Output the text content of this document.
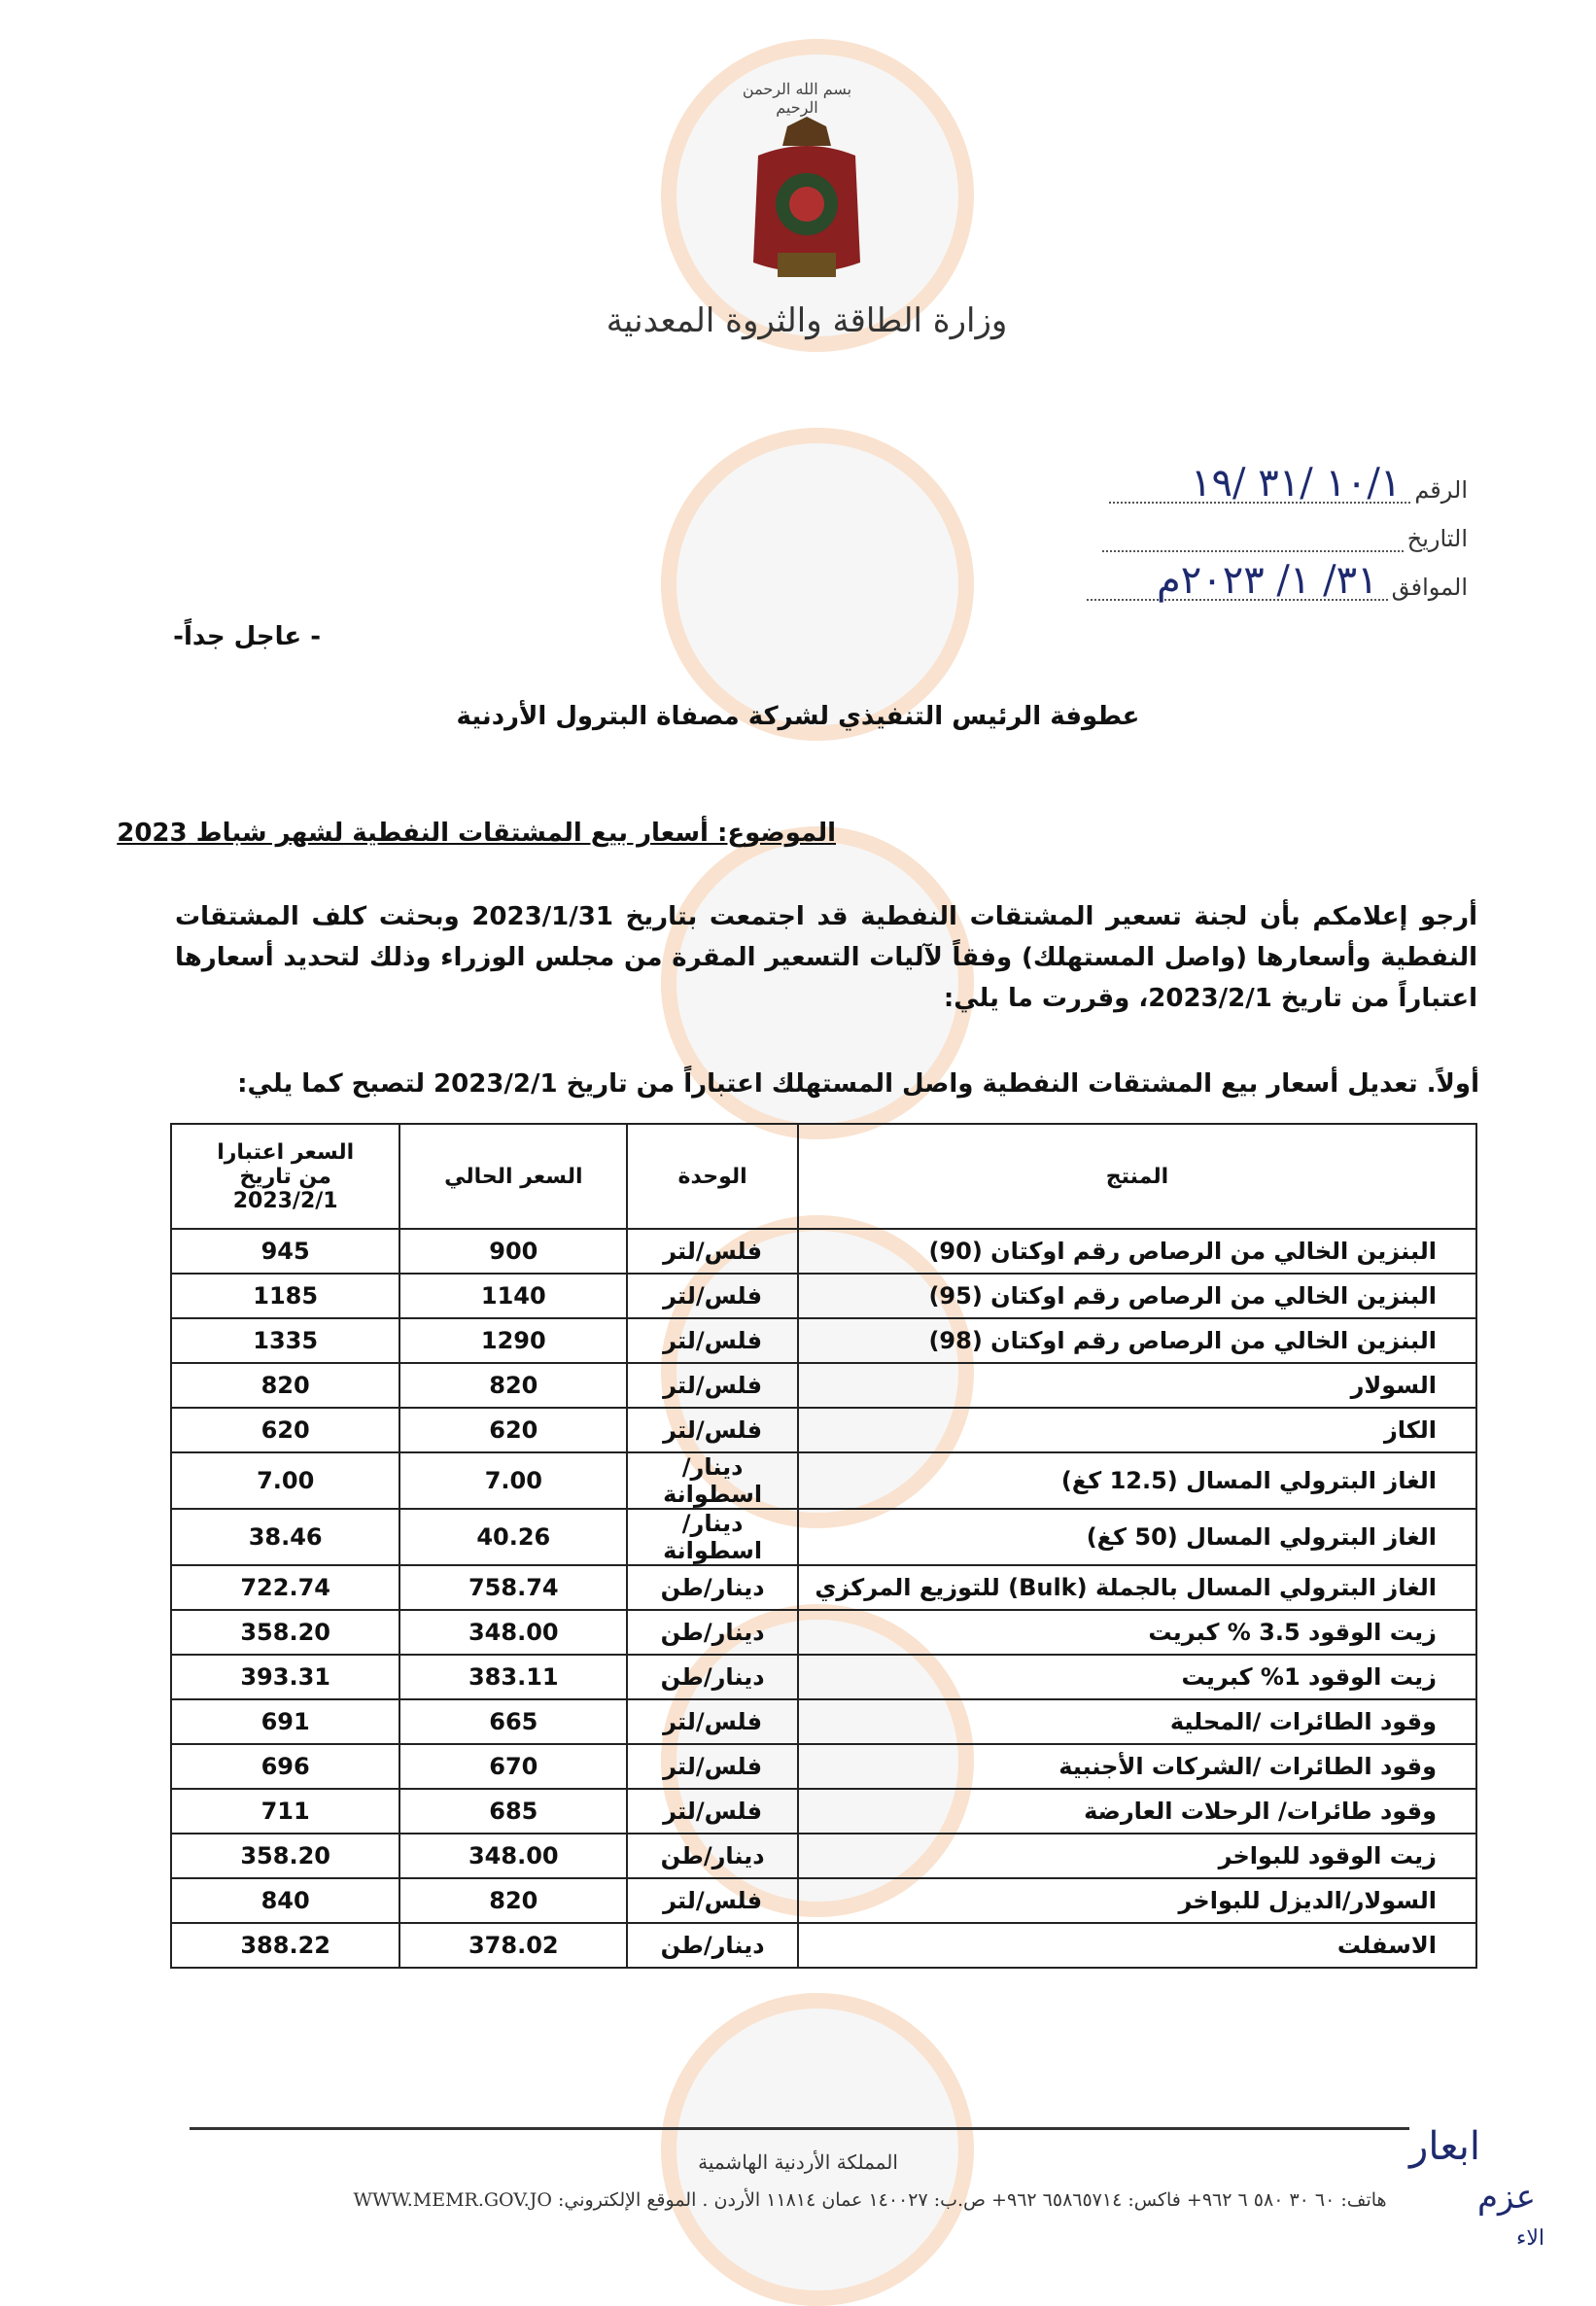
بسم الله الرحمن الرحيم
وزارة الطاقة والثروة المعدنية
الرقم
١٠/١ /٣١ /١٩
التاريخ
الموافق
٣١/ ١/ ٢٠٢٣م
- عاجل جداً-
عطوفة الرئيس التنفيذي لشركة مصفاة البترول الأردنية
الموضوع: أسعار بيع المشتقات النفطية لشهر شباط 2023
أرجو إعلامكم بأن لجنة تسعير المشتقات النفطية قد اجتمعت بتاريخ 2023/1/31 وبحثت كلف المشتقات النفطية وأسعارها (واصل المستهلك) وفقاً لآليات التسعير المقرة من مجلس الوزراء وذلك لتحديد أسعارها اعتباراً من تاريخ 2023/2/1، وقررت ما يلي:
أولاً. تعديل أسعار بيع المشتقات النفطية واصل المستهلك اعتباراً من تاريخ 2023/2/1 لتصبح كما يلي:
المنتج	الوحدة	السعر الحالي	السعر اعتبارا من تاريخ 2023/2/1
البنزين الخالي من الرصاص رقم اوكتان (90)	فلس/لتر	900	945
البنزين الخالي من الرصاص رقم اوكتان (95)	فلس/لتر	1140	1185
البنزين الخالي من الرصاص رقم اوكتان (98)	فلس/لتر	1290	1335
السولار	فلس/لتر	820	820
الكاز	فلس/لتر	620	620
الغاز البترولي المسال (12.5 كغ)	دينار/اسطوانة	7.00	7.00
الغاز البترولي المسال (50 كغ)	دينار/اسطوانة	40.26	38.46
الغاز البترولي المسال بالجملة (Bulk) للتوزيع المركزي	دينار/طن	758.74	722.74
زيت الوقود 3.5 % كبريت	دينار/طن	348.00	358.20
زيت الوقود 1% كبريت	دينار/طن	383.11	393.31
وقود الطائرات /المحلية	فلس/لتر	665	691
وقود الطائرات /الشركات الأجنبية	فلس/لتر	670	696
وقود طائرات/ الرحلات العارضة	فلس/لتر	685	711
زيت الوقود للبواخر	دينار/طن	348.00	358.20
السولار/الديزل للبواخر	فلس/لتر	820	840
الاسفلت	دينار/طن	378.02	388.22
المملكة الأردنية الهاشمية
هاتف: ٦٠ ٣٠ ٥٨٠ ٦ ٩٦٢+ فاكس: ٦٥٨٦٥٧١٤ ٩٦٢+ ص.ب: ١٤٠٠٢٧ عمان ١١٨١٤ الأردن . الموقع الإلكتروني: WWW.MEMR.GOV.JO
ابعار
عزم
الاء
